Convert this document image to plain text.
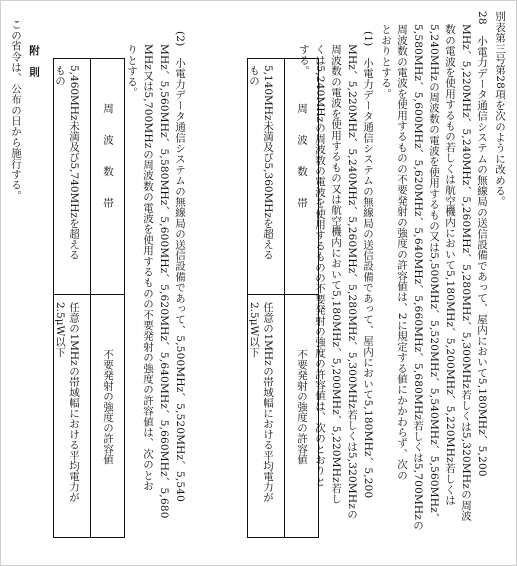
別表第三号第28項を次のように改める。
28　小電力データ通信システムの無線局の送信設備であって、屋内において5,180MHz、5,200
MHz、5,220MHz、5,240MHz、5,260MHz、5,280MHz、5,300MHz若しくは5,320MHzの周波
数の電波を使用するもの若しくは航空機内において5,180MHz、5,200MHz、5,220MHz若しくは
5,240MHzの周波数の電波を使用するもの又は5,500MHz、5,520MHz、5,540MHz、5,560MHz、
5,580MHz、5,600MHz、5,620MHz、5,640MHz、5,660MHz、5,680MHz若しくは5,700MHzの
周波数の電波を使用するものの不要発射の強度の許容値は、2に規定する値にかかわらず、次の
とおりとする。
(1)　小電力データ通信システムの無線局の送信設備であって、屋内において5,180MHz、5,200
MHz、5,220MHz、5,240MHz、5,260MHz、5,280MHz、5,300MHz若しくは5,320MHzの
周波数の電波を使用するもの又は航空機内において5,180MHz、5,200MHz、5,220MHz若し
くは5,240MHzの周波数の電波を使用するものの不要発射の強度の許容値は、次のとおりと
する。
周　　波　　数　　帯
不要発射の強度の許容値
5,140MHz未満及び5,360MHzを超える
もの
任意の1MHzの帯域幅における平均電力が
2.5μW以下
(2)　小電力データ通信システムの無線局の送信設備であって、5,500MHz、5,520MHz、5,540
MHz、5,560MHz、5,580MHz、5,600MHz、5,620MHz、5,640MHz、5,660MHz、5,680
MHz又は5,700MHzの周波数の電波を使用するものの不要発射の強度の許容値は、次のとお
りとする。
周　　波　　数　　帯
不要発射の強度の許容値
5,460MHz未満及び5,740MHzを超える
もの
任意の1MHzの帯域幅における平均電力が
2.5μW以下
附　則
この省令は、公布の日から施行する。
